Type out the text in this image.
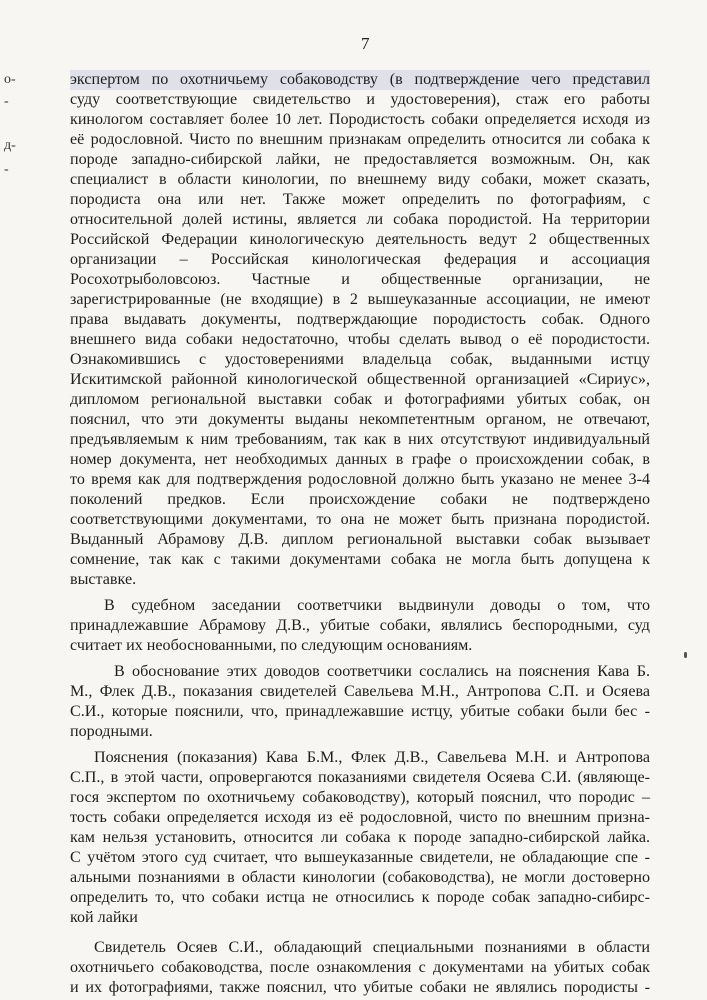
7
о-
-
д-
-
экспертом по охотничьему собаководству (в подтверждение чего представил
суду соответствующие свидетельство и удостоверения), стаж его работы
кинологом составляет более 10 лет. Породистость собаки определяется исходя из
её родословной. Чисто по внешним признакам определить относится ли собака к
породе западно-сибирской лайки, не предоставляется возможным. Он, как
специалист в области кинологии, по внешнему виду собаки, может сказать,
породиста она или нет. Также может определить по фотографиям, с
относительной долей истины, является ли собака породистой. На территории
Российской Федерации кинологическую деятельность ведут 2 общественных
организации – Российская кинологическая федерация и ассоциация
Росохотрыболовсоюз. Частные и общественные организации, не
зарегистрированные (не входящие) в 2 вышеуказанные ассоциации, не имеют
права выдавать документы, подтверждающие породистость собак. Одного
внешнего вида собаки недостаточно, чтобы сделать вывод о её породистости.
Ознакомившись с удостоверениями владельца собак, выданными истцу
Искитимской районной кинологической общественной организацией «Сириус»,
дипломом региональной выставки собак и фотографиями убитых собак, он
пояснил, что эти документы выданы некомпетентным органом, не отвечают,
предъявляемым к ним требованиям, так как в них отсутствуют индивидуальный
номер документа, нет необходимых данных в графе о происхождении собак, в
то время как для подтверждения родословной должно быть указано не менее 3-4
поколений предков. Если происхождение собаки не подтверждено
соответствующими документами, то она не может быть признана породистой.
Выданный Абрамову Д.В. диплом региональной выставки собак вызывает
сомнение, так как с такими документами собака не могла быть допущена к
выставке.
В судебном заседании соответчики выдвинули доводы о том, что
принадлежавшие Абрамову Д.В., убитые собаки, являлись беспородными, суд
считает их необоснованными, по следующим основаниям.
В обоснование этих доводов соответчики сослались на пояснения Кава Б.
М., Флек Д.В., показания свидетелей Савельева М.Н., Антропова С.П. и Осяева
С.И., которые пояснили, что, принадлежавшие истцу, убитые собаки были бес -
породными.
Пояснения (показания) Кава Б.М., Флек Д.В., Савельева М.Н. и Антропова
С.П., в этой части, опровергаются показаниями свидетеля Осяева С.И. (являюще-
гося экспертом по охотничьему собаководству), который пояснил, что породис –
тость собаки определяется исходя из её родословной, чисто по внешним призна-
кам нельзя установить, относится ли собака к породе западно-сибирской лайка.
С учётом этого суд считает, что вышеуказанные свидетели, не обладающие спе -
альными познаниями в области кинологии (собаководства), не могли достоверно
определить то, что собаки истца не относились к породе собак западно-сибирс-
кой лайки
Свидетель Осяев С.И., обладающий специальными познаниями в области
охотничьего собаководства, после ознакомления с документами на убитых собак
и их фотографиями, также пояснил, что убитые собаки не являлись породисты -
